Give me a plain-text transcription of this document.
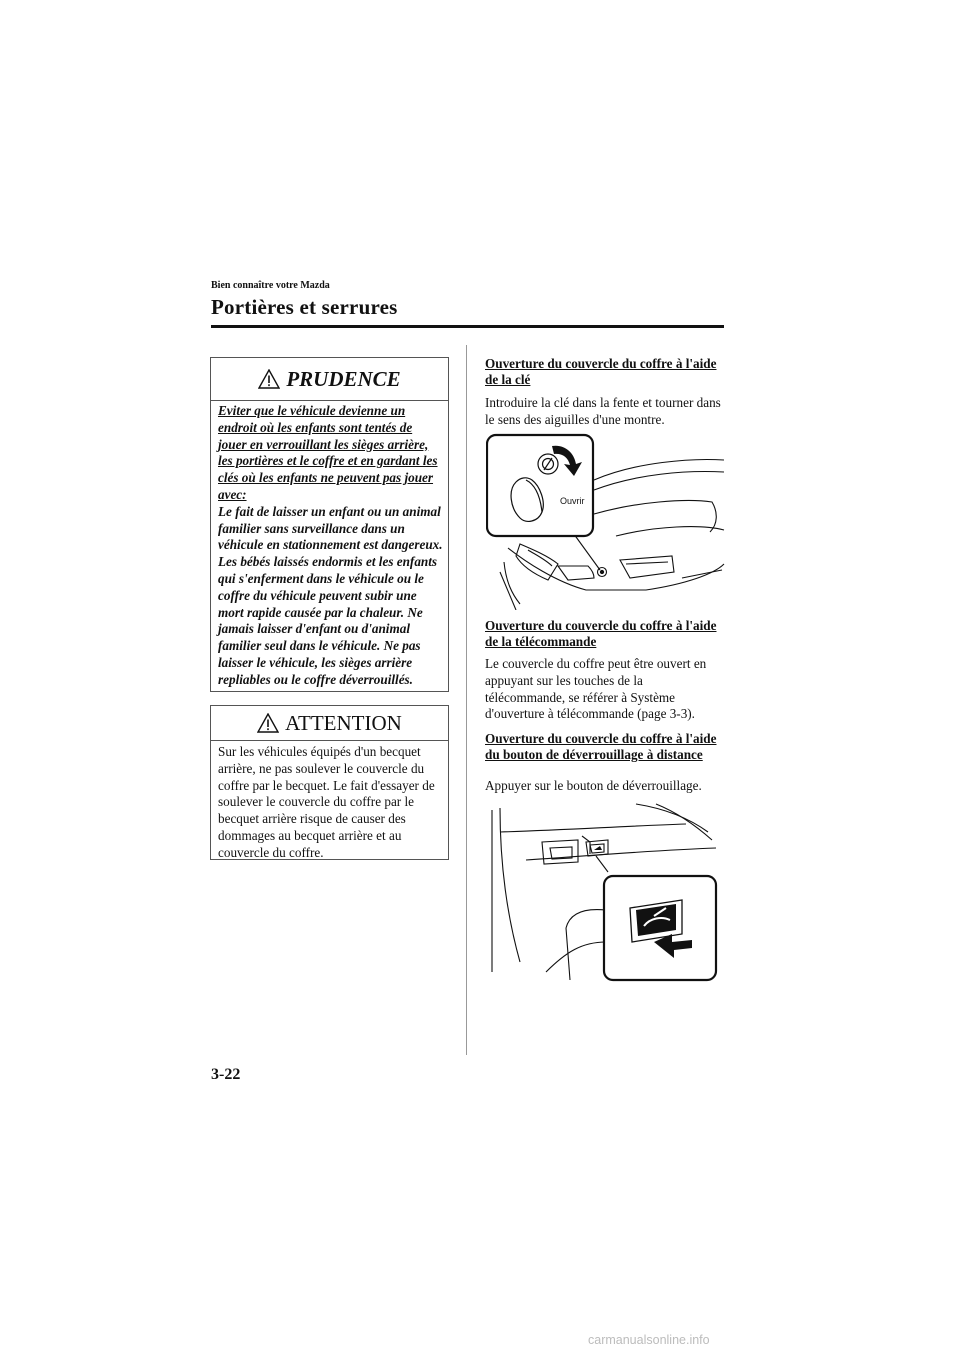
Bien connaître votre Mazda
Portières et serrures
PRUDENCE
Eviter que le véhicule devienne un endroit où les enfants sont tentés de jouer en verrouillant les sièges arrière, les portières et le coffre et en gardant les clés où les enfants ne peuvent pas jouer avec:
Le fait de laisser un enfant ou un animal familier sans surveillance dans un véhicule en stationnement est dangereux. Les bébés laissés endormis et les enfants qui s'enferment dans le véhicule ou le coffre du véhicule peuvent subir une mort rapide causée par la chaleur. Ne jamais laisser d'enfant ou d'animal familier seul dans le véhicule. Ne pas laisser le véhicule, les sièges arrière repliables ou le coffre déverrouillés.
ATTENTION
Sur les véhicules équipés d'un becquet arrière, ne pas soulever le couvercle du coffre par le becquet. Le fait d'essayer de soulever le couvercle du coffre par le becquet arrière risque de causer des dommages au becquet arrière et au couvercle du coffre.
Ouverture du couvercle du coffre à l'aide de la clé
Introduire la clé dans la fente et tourner dans le sens des aiguilles d'une montre.
Ouvrir
Ouverture du couvercle du coffre à l'aide de la télécommande
Le couvercle du coffre peut être ouvert en appuyant sur les touches de la télécommande, se référer à Système d'ouverture à télécommande (page 3-3).
Ouverture du couvercle du coffre à l'aide du bouton de déverrouillage à distance
Appuyer sur le bouton de déverrouillage.
3-22
carmanualsonline.info
